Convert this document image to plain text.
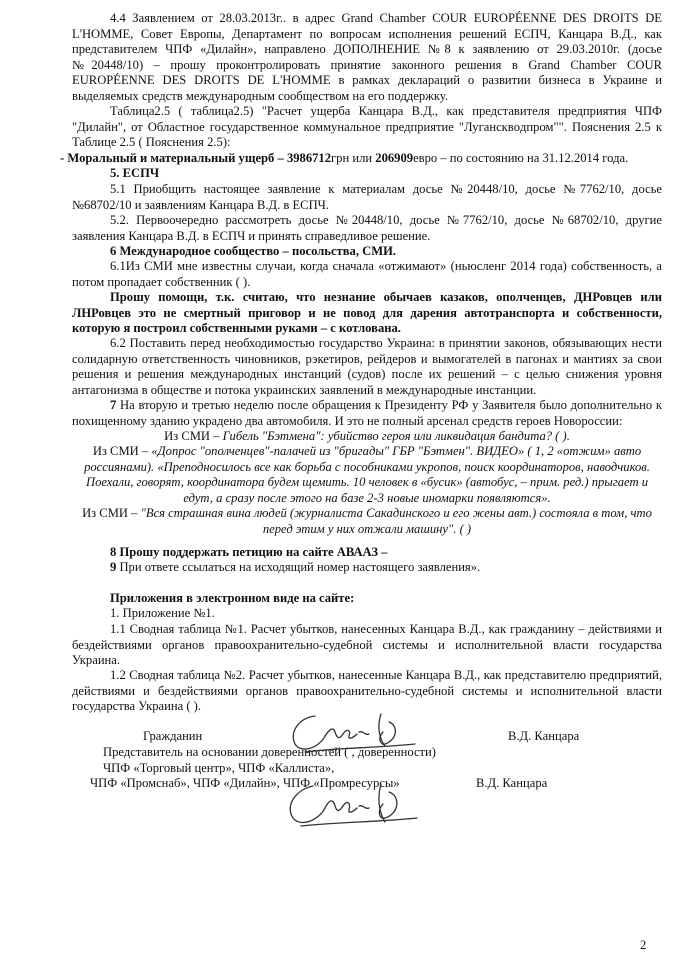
4.4 Заявлением от 28.03.2013г.. в адрес Grand Chamber COUR EUROPÉENNE DES DROITS DE L'HOMME, Совет Европы, Департамент по вопросам исполнения решений ЕСПЧ, Канцара В.Д., как представителем ЧПФ «Дилайн», направлено ДОПОЛНЕНИЕ №8 к заявлению от 29.03.2010г. (досье №20448/10) – прошу проконтролировать принятие законного решения в Grand Chamber COUR EUROPÉENNE DES DROITS DE L'HOMME в рамках деклараций о развитии бизнеса в Украине и выделяемых средств международным сообществом на его поддержку.
Таблица2.5 ( таблица2.5) "Расчет ущерба Канцара В.Д., как представителя предприятия ЧПФ "Дилайн", от Областное государственное коммунальное предприятие "Лугансквoдпром"". Пояснения 2.5 к Таблице 2.5 ( Пояснения 2.5):
- Моральный и материальный ущерб – 3986712грн или 206909евро – по состоянию на 31.12.2014 года.
5. ЕСПЧ
5.1 Приобщить настоящее заявление к материалам досье №20448/10, досье №7762/10, досье №68702/10 и заявлениям Канцара В.Д. в ЕСПЧ.
5.2. Первоочередно рассмотреть досье №20448/10, досье №7762/10, досье №68702/10, другие заявления Канцара В.Д. в ЕСПЧ и принять справедливое решение.
6 Международное сообщество – посольства, СМИ.
6.1Из СМИ мне известны случаи, когда сначала «отжимают» (ньюсленг 2014 года) собственность, а потом пропадает собственник ( ).
Прошу помощи, т.к. считаю, что незнание обычаев казаков, ополченцев, ДНРовцев или ЛНРовцев это не смертный приговор и не повод для дарения автотранспорта и собственности, которую я построил собственными руками – с котлована.
6.2 Поставить перед необходимостью государство Украина: в принятии законов, обязывающих нести солидарную ответственность чиновников, рэкетиров, рейдеров и вымогателей в пагонах и мантиях за свои решения и решения международных инстанций (судов) после их решений – с целью снижения уровня антагонизма в обществе и потока украинских заявлений в международные инстанции.
7 На вторую и третью неделю после обращения к Президенту РФ у Заявителя было дополнительно к похищенному зданию украдено два автомобиля. И это не полный арсенал средств героев Новороссии:
Из СМИ – Гибель "Бэтмена": убийство героя или ликвидация бандита? ( ).
Из СМИ – «Допрос "ополченцев"-палачей из "бригады" ГБР "Бэтмен". ВИДЕО» ( 1, 2 «отжим» авто россиянами). «Преподносилось все как борьба с пособниками укропов, поиск координаторов, наводчиков. Поехали, говорят, координатора будем щемить. 10 человек в «бусик» (автобус, – прим. ред.) прыгает и едут, а сразу после этого на базе 2-3 новые иномарки появляются».
Из СМИ – "Вся страшная вина людей (журналиста Сакадинского и его жены авт.) состояла в том, что перед этим у них отжали машину". ( )
8 Прошу поддержать петицию на сайте АВААЗ –
9 При ответе ссылаться на исходящий номер настоящего заявления».
Приложения в электронном виде на сайте:
1. Приложение №1.
1.1 Сводная таблица №1. Расчет убытков, нанесенных Канцара В.Д., как гражданину – действиями и бездействиями органов правоохранительно-судебной системы и исполнительной власти государства Украина.
1.2 Сводная таблица №2. Расчет убытков, нанесенные Канцара В.Д., как представителю предприятий, действиями и бездействиями органов правоохранительно-судебной системы и исполнительной власти государства Украина ( ).
Гражданин	В.Д. Канцара
Представитель на основании доверенностей ( , доверенности)
ЧПФ «Торговый центр», ЧПФ «Каллиста»,
ЧПФ «Промснаб», ЧПФ «Дилайн», ЧПФ «Промресурсы»	В.Д. Канцара
2
